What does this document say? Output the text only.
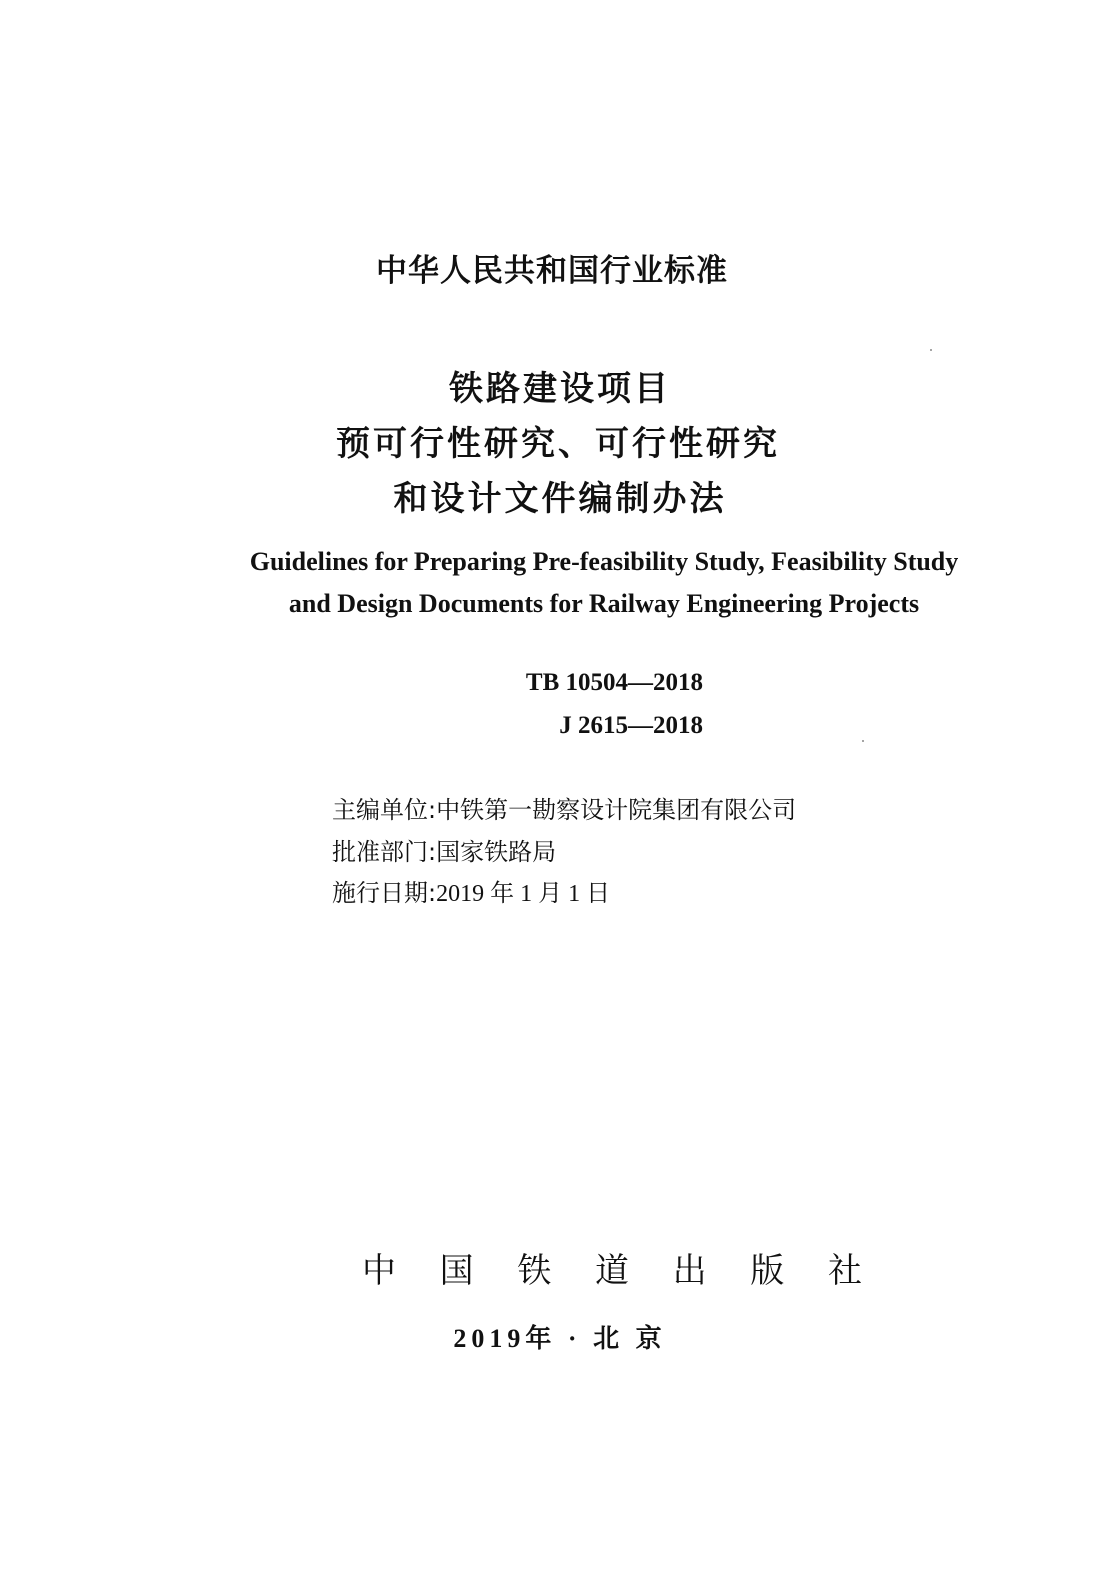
中华人民共和国行业标准
铁路建设项目
预可行性研究、可行性研究
和设计文件编制办法
Guidelines for Preparing Pre-feasibility Study, Feasibility Study
and Design Documents for Railway Engineering Projects
TB 10504—2018
J 2615—2018
主编单位:中铁第一勘察设计院集团有限公司
批准部门:国家铁路局
施行日期:2019 年 1 月 1 日
中 国 铁 道 出 版 社
2019年 · 北 京
